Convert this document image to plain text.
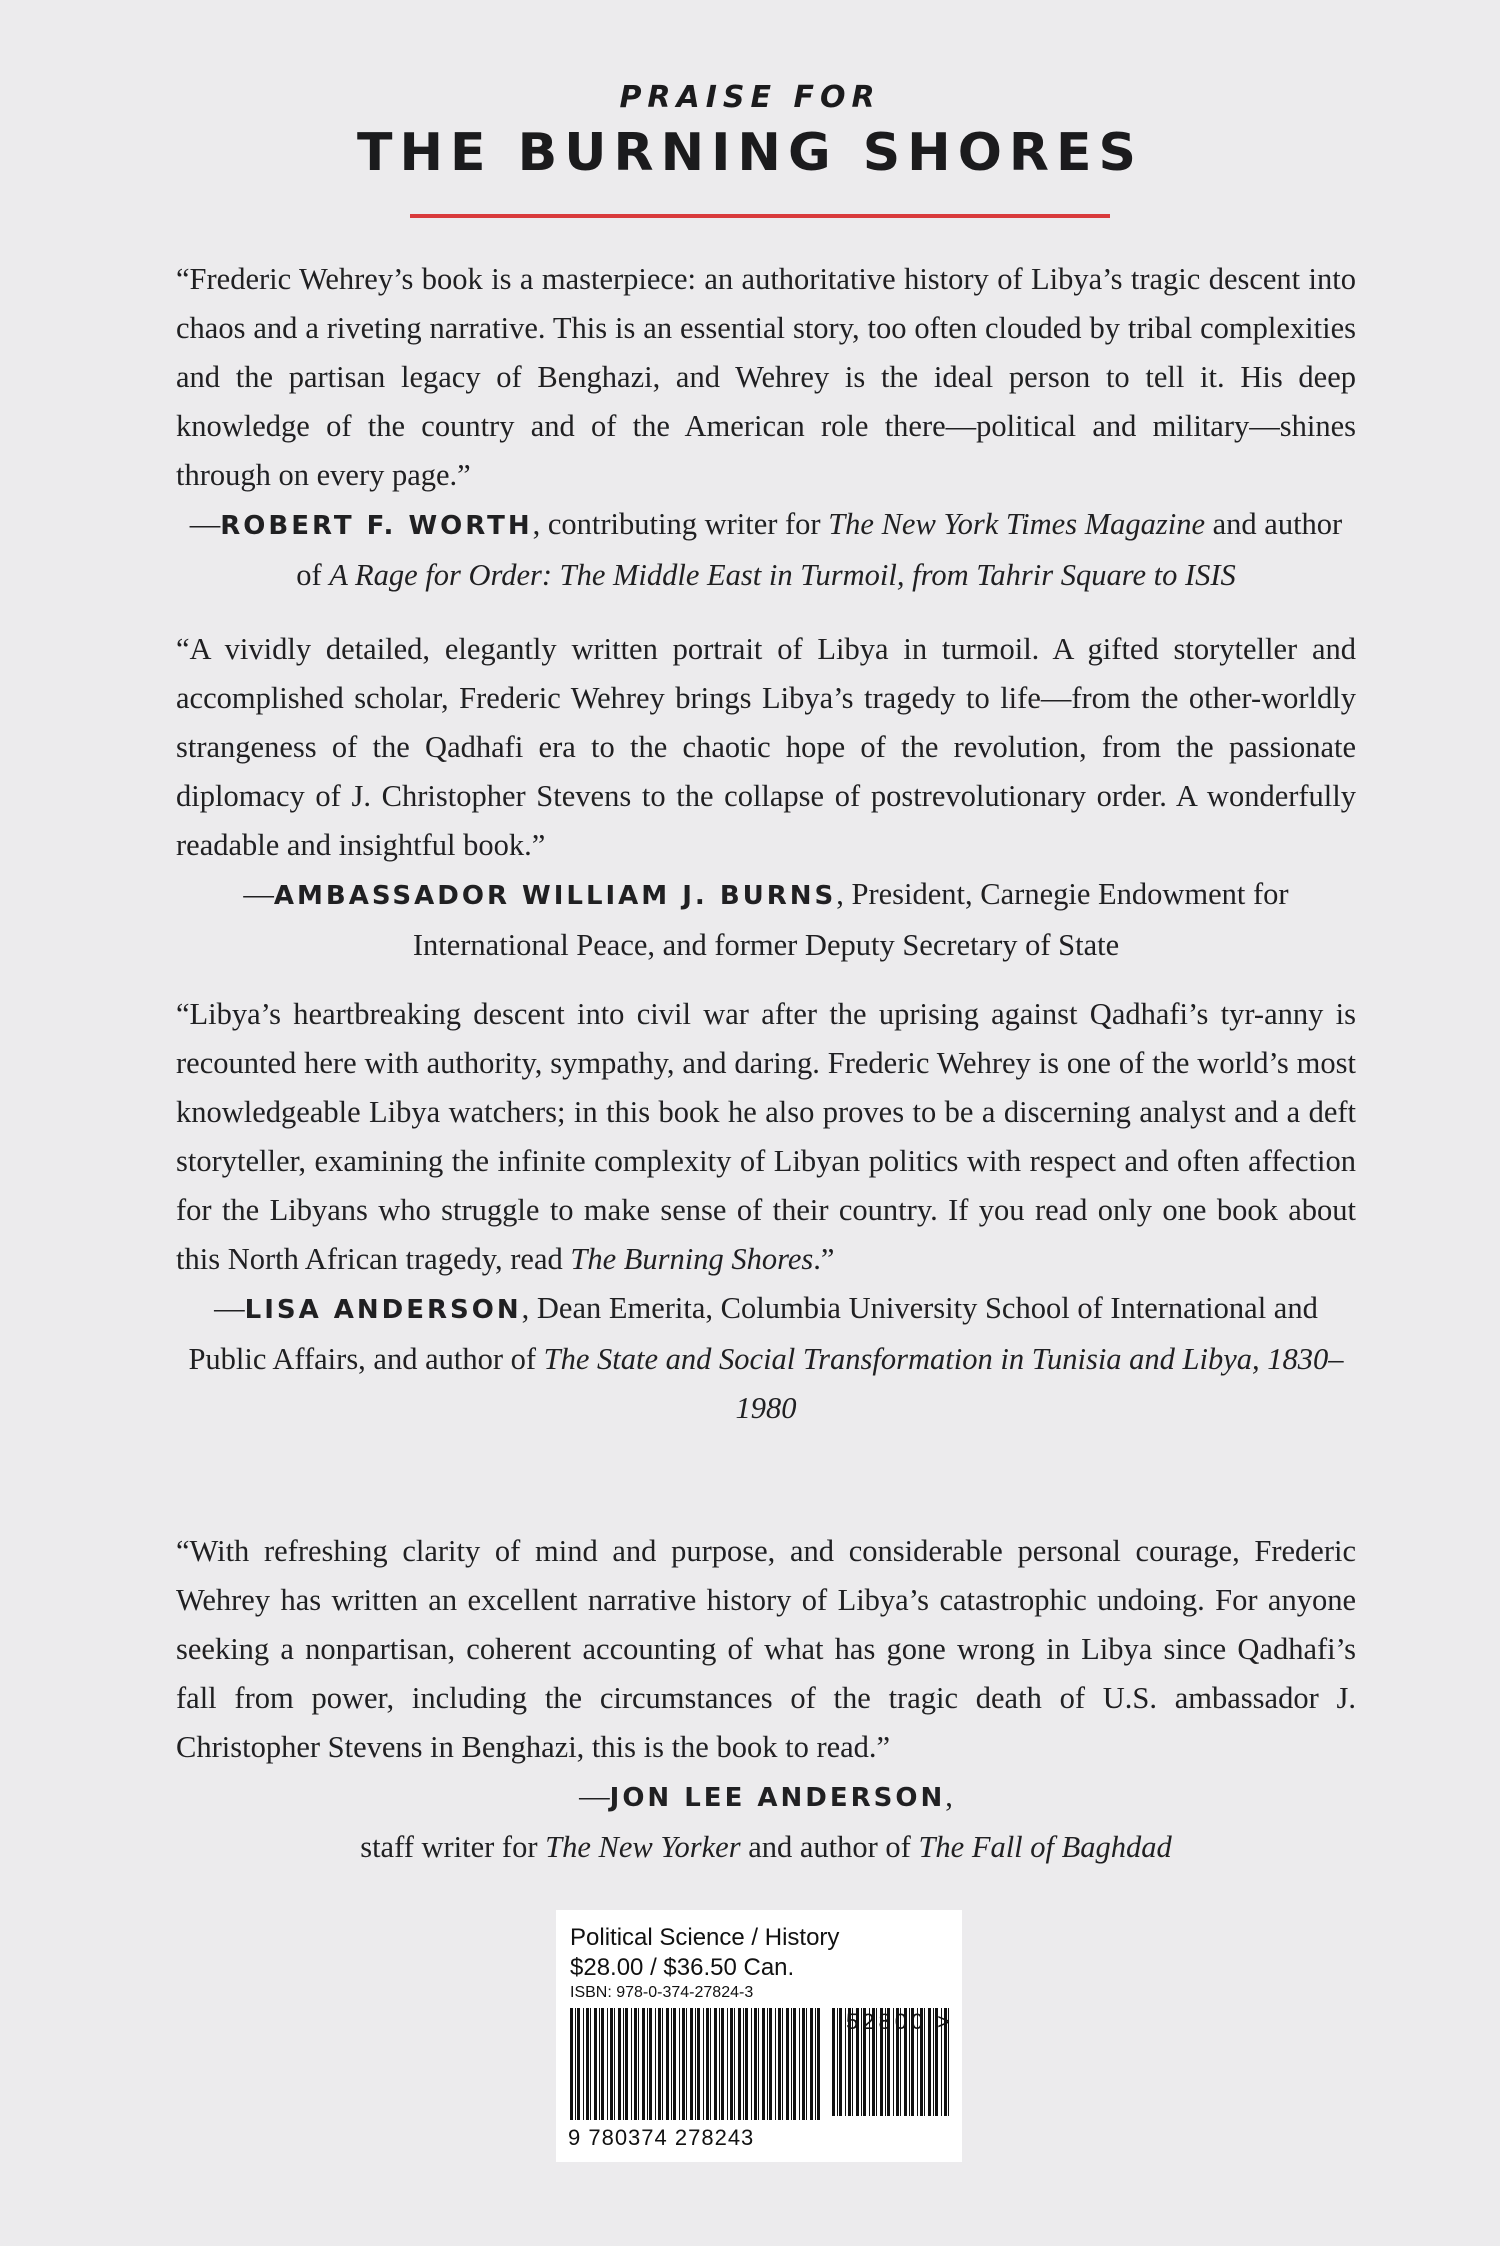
PRAISE FOR
THE BURNING SHORES
“Frederic Wehrey’s book is a masterpiece: an authoritative history of Libya’s tragic descent into chaos and a riveting narrative. This is an essential story, too often clouded by tribal complexities and the partisan legacy of Benghazi, and Wehrey is the ideal person to tell it. His deep knowledge of the country and of the American role there—political and military—shines through on every page.”
—ROBERT F. WORTH, contributing writer for The New York Times Magazine and author of A Rage for Order: The Middle East in Turmoil, from Tahrir Square to ISIS
“A vividly detailed, elegantly written portrait of Libya in turmoil. A gifted storyteller and accomplished scholar, Frederic Wehrey brings Libya’s tragedy to life—from the other-worldly strangeness of the Qadhafi era to the chaotic hope of the revolution, from the passionate diplomacy of J. Christopher Stevens to the collapse of postrevolutionary order. A wonderfully readable and insightful book.”
—AMBASSADOR WILLIAM J. BURNS, President, Carnegie Endowment for International Peace, and former Deputy Secretary of State
“Libya’s heartbreaking descent into civil war after the uprising against Qadhafi’s tyr-anny is recounted here with authority, sympathy, and daring. Frederic Wehrey is one of the world’s most knowledgeable Libya watchers; in this book he also proves to be a discerning analyst and a deft storyteller, examining the infinite complexity of Libyan politics with respect and often affection for the Libyans who struggle to make sense of their country. If you read only one book about this North African tragedy, read The Burning Shores.”
—LISA ANDERSON, Dean Emerita, Columbia University School of International and Public Affairs, and author of The State and Social Transformation in Tunisia and Libya, 1830–1980
“With refreshing clarity of mind and purpose, and considerable personal courage, Frederic Wehrey has written an excellent narrative history of Libya’s catastrophic undoing. For anyone seeking a nonpartisan, coherent accounting of what has gone wrong in Libya since Qadhafi’s fall from power, including the circumstances of the tragic death of U.S. ambassador J. Christopher Stevens in Benghazi, this is the book to read.”
—JON LEE ANDERSON,
staff writer for The New Yorker and author of The Fall of Baghdad
Political Science / History
$28.00 / $36.50 Can.
ISBN: 978-0-374-27824-3
52800 >
9 780374 278243
